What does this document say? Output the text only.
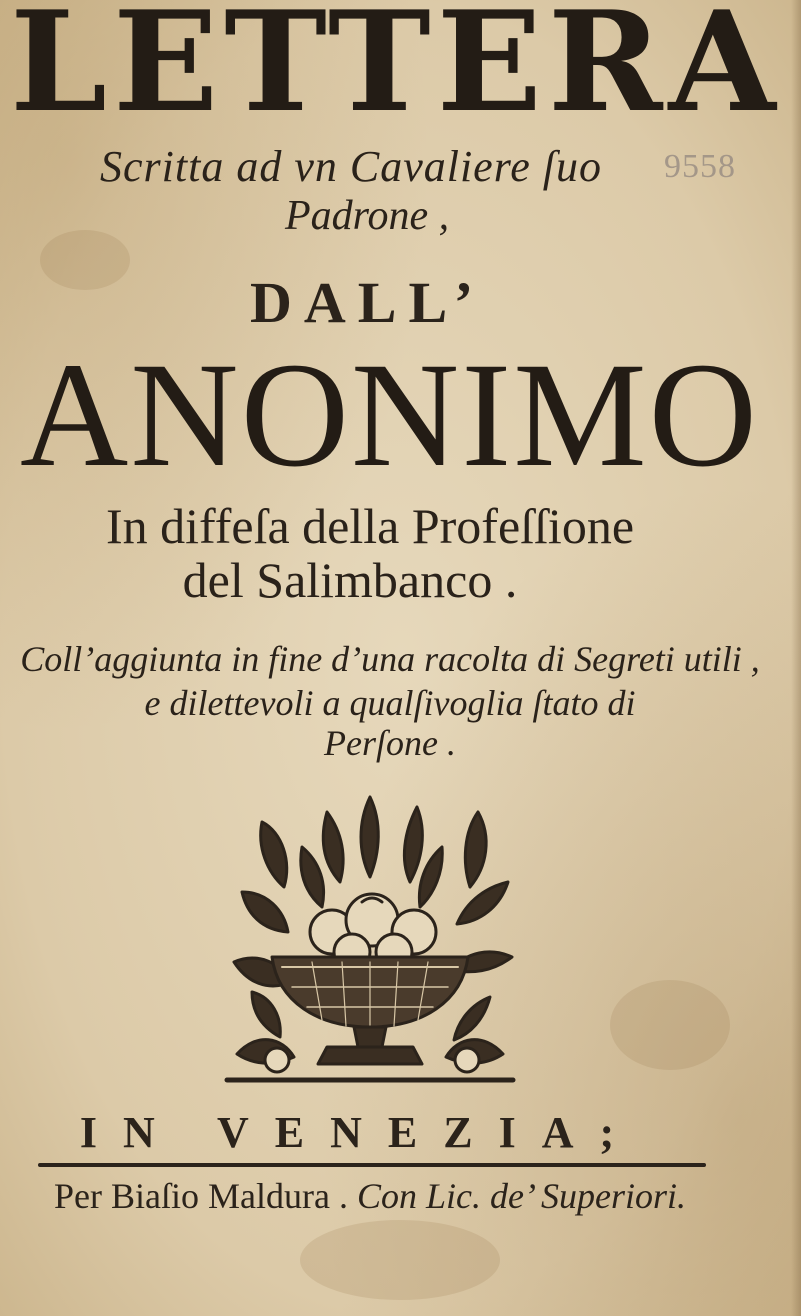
LETTERA
Scritta ad vn Cavaliere ſuo	9558
Padrone ,
DALL’
ANONIMO
In diffeſa della Profeſſione
del Salimbanco .
Coll’aggiunta in fine d’una racolta di Segreti utili ,
e dilettevoli a qualſivoglia ſtato di
Perſone .
IN VENEZIA;
Per Biaſio Maldura . Con Lic. de’ Superiori.
